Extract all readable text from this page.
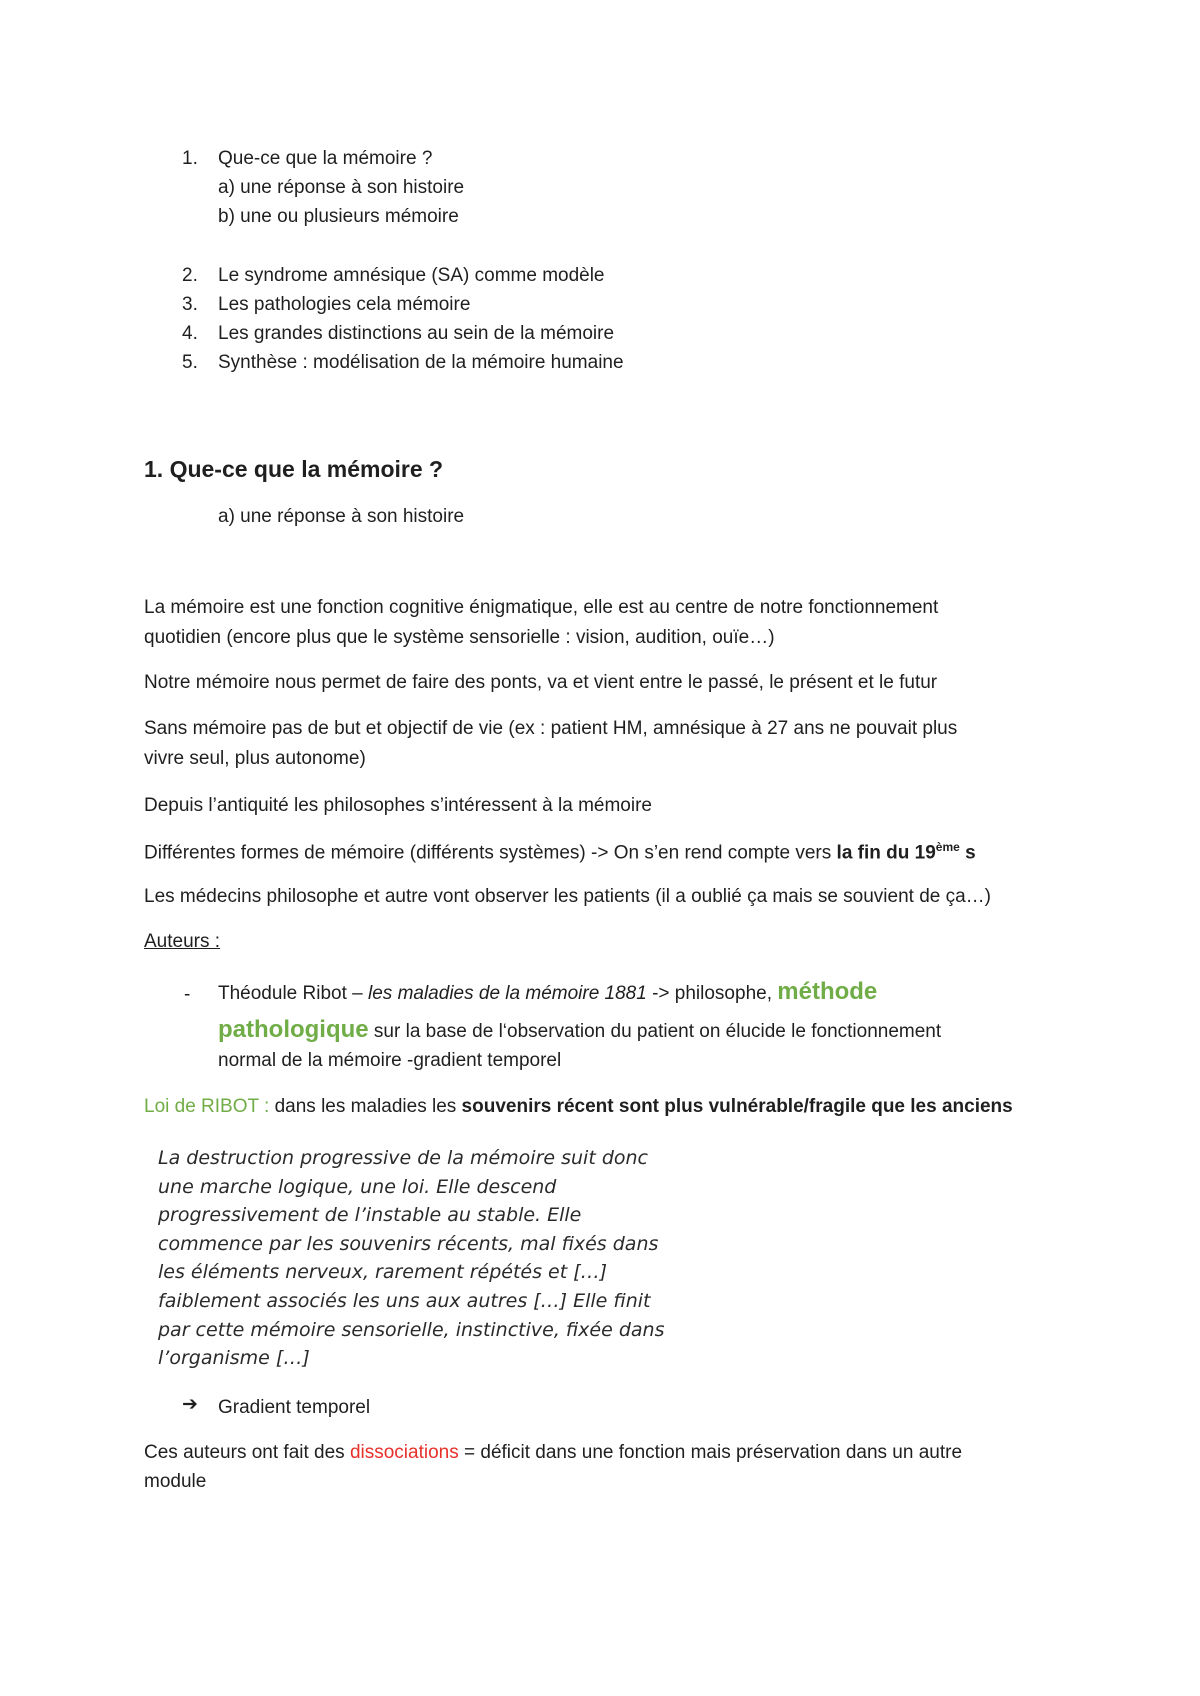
1. Que-ce que la mémoire ?
a) une réponse à son histoire
b) une ou plusieurs mémoire
2. Le syndrome amnésique (SA) comme modèle
3. Les pathologies cela mémoire
4. Les grandes distinctions au sein de la mémoire
5. Synthèse : modélisation de la mémoire humaine
1. Que-ce que la mémoire ?
a) une réponse à son histoire
La mémoire est une fonction cognitive énigmatique, elle est au centre de notre fonctionnement
quotidien (encore plus que le système sensorielle : vision, audition, ouïe…)
Notre mémoire nous permet de faire des ponts, va et vient entre le passé, le présent et le futur
Sans mémoire pas de but et objectif de vie (ex : patient HM, amnésique à 27 ans ne pouvait plus
vivre seul, plus autonome)
Depuis l’antiquité les philosophes s’intéressent à la mémoire
Différentes formes de mémoire (différents systèmes) -> On s’en rend compte vers la fin du 19ème s
Les médecins philosophe et autre vont observer les patients (il a oublié ça mais se souvient de ça…)
Auteurs :
- Théodule Ribot – les maladies de la mémoire 1881 -> philosophe, méthode
pathologique sur la base de l‘observation du patient on élucide le fonctionnement
normal de la mémoire -gradient temporel
Loi de RIBOT : dans les maladies les souvenirs récent sont plus vulnérable/fragile que les anciens
La destruction progressive de la mémoire suit donc
une marche logique, une loi. Elle descend
progressivement de l’instable au stable. Elle
commence par les souvenirs récents, mal fixés dans
les éléments nerveux, rarement répétés et […]
faiblement associés les uns aux autres […] Elle finit
par cette mémoire sensorielle, instinctive, fixée dans
l’organisme […]
➔ Gradient temporel
Ces auteurs ont fait des dissociations = déficit dans une fonction mais préservation dans un autre
module
